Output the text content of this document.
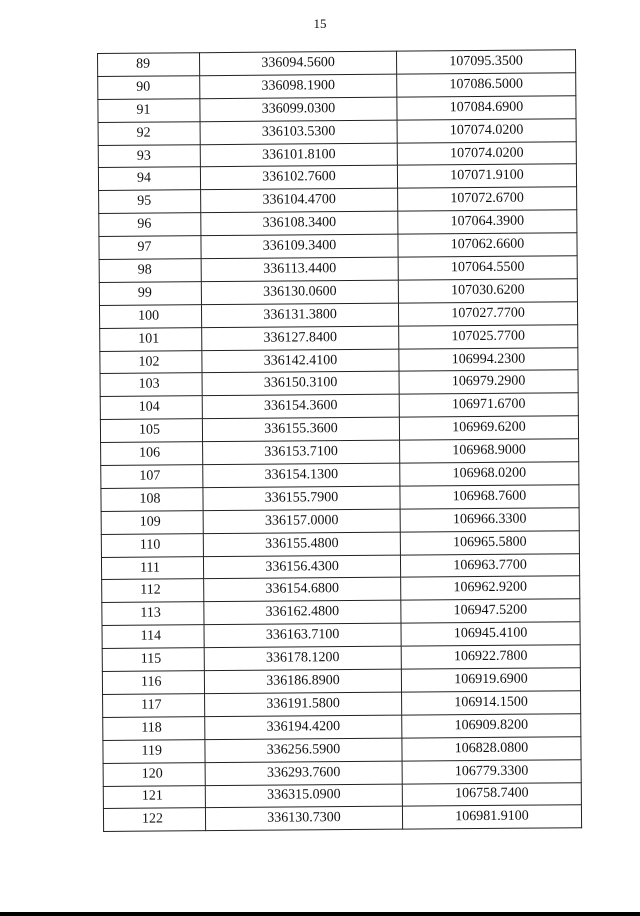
15
89	336094.5600	107095.3500
90	336098.1900	107086.5000
91	336099.0300	107084.6900
92	336103.5300	107074.0200
93	336101.8100	107074.0200
94	336102.7600	107071.9100
95	336104.4700	107072.6700
96	336108.3400	107064.3900
97	336109.3400	107062.6600
98	336113.4400	107064.5500
99	336130.0600	107030.6200
100	336131.3800	107027.7700
101	336127.8400	107025.7700
102	336142.4100	106994.2300
103	336150.3100	106979.2900
104	336154.3600	106971.6700
105	336155.3600	106969.6200
106	336153.7100	106968.9000
107	336154.1300	106968.0200
108	336155.7900	106968.7600
109	336157.0000	106966.3300
110	336155.4800	106965.5800
111	336156.4300	106963.7700
112	336154.6800	106962.9200
113	336162.4800	106947.5200
114	336163.7100	106945.4100
115	336178.1200	106922.7800
116	336186.8900	106919.6900
117	336191.5800	106914.1500
118	336194.4200	106909.8200
119	336256.5900	106828.0800
120	336293.7600	106779.3300
121	336315.0900	106758.7400
122	336130.7300	106981.9100
